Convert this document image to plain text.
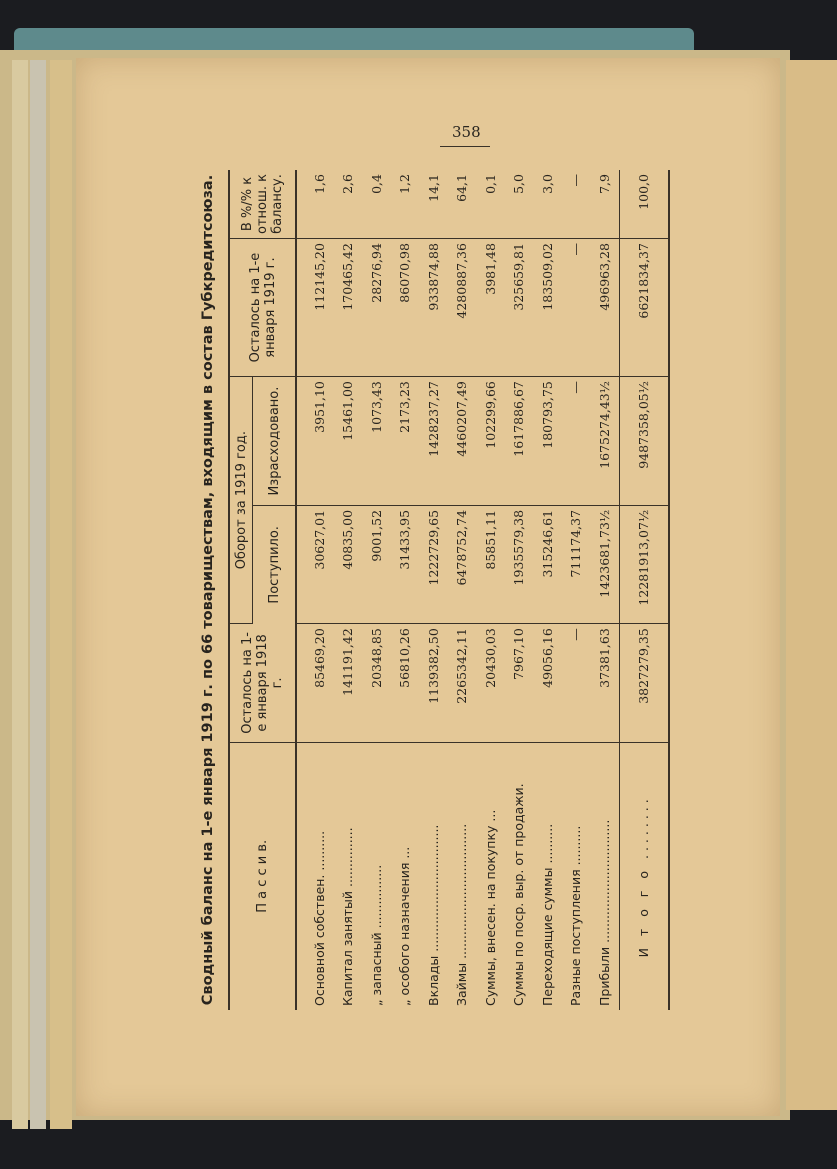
358
Сводный баланс на 1-е января 1919 г. по 66 товариществам, входящим в состав Губкредитсоюза.	П а с с и в.	Осталось на 1-е января 1918 г.	Оборот за 1919 год.		Осталось на 1-е января 1919 г.	В %/% к отнош. к балансу.
		Поступило.	Израсходовано.		
Основной собствен. ..........	85469,20	30627,01	3951,10	112145,20	1,6
Капитал занятый ...............	141191,42	40835,00	15461,00	170465,42	2,6
„ запасный ................	20348,85	9001,52	1073,43	28276,94	0,4
„ особого назначения ...	56810,26	31433,95	2173,23	86070,98	1,2
Вклады ................................	1139382,50	1222729,65	1428237,27	933874,88	14,1
Займы ..................................	2265342,11	6478752,74	4460207,49	4280887,36	64,1
Суммы, внесен. на покупку ...	20430,03	85851,11	102299,66	3981,48	0,1
Суммы по поср. выр. от продажи.	7967,10	1935579,38	1617886,67	325659,81	5,0
Переходящие суммы ..........	49056,16	315246,61	180793,75	183509,02	3,0
Разные поступления ..........	—	711174,37	—	—	—
Прибыли ...............................	37381,63	1423681,73½	1675274,43½	496963,28	7,9
И т о г о ........	3827279,35	12281913,07½	9487358,05½	6621834,37	100,0
